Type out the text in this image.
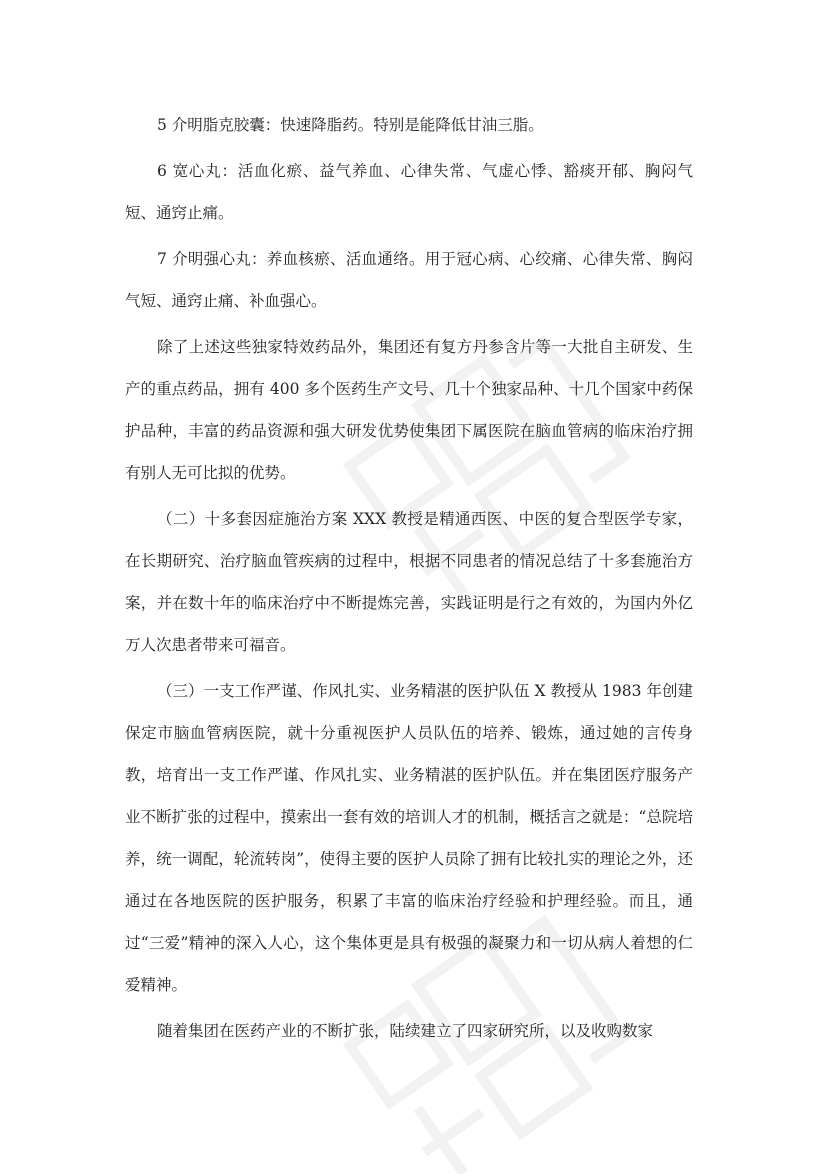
5 介明脂克胶囊：快速降脂药。特别是能降低甘油三脂。

6 宽心丸：活血化瘀、益气养血、心律失常、气虚心悸、豁痰开郁、胸闷气短、通窍止痛。

7 介明强心丸：养血核瘀、活血通络。用于冠心病、心绞痛、心律失常、胸闷气短、通窍止痛、补血强心。

除了上述这些独家特效药品外，集团还有复方丹参含片等一大批自主研发、生产的重点药品，拥有 400 多个医药生产文号、几十个独家品种、十几个国家中药保护品种，丰富的药品资源和强大研发优势使集团下属医院在脑血管病的临床治疗拥有别人无可比拟的优势。

（二）十多套因症施治方案 XXX 教授是精通西医、中医的复合型医学专家，在长期研究、治疗脑血管疾病的过程中，根据不同患者的情况总结了十多套施治方案，并在数十年的临床治疗中不断提炼完善，实践证明是行之有效的，为国内外亿万人次患者带来可福音。

（三）一支工作严谨、作风扎实、业务精湛的医护队伍 X 教授从 1983 年创建保定市脑血管病医院，就十分重视医护人员队伍的培养、锻炼，通过她的言传身教，培育出一支工作严谨、作风扎实、业务精湛的医护队伍。并在集团医疗服务产业不断扩张的过程中，摸索出一套有效的培训人才的机制，概括言之就是：“总院培养，统一调配，轮流转岗”，使得主要的医护人员除了拥有比较扎实的理论之外，还通过在各地医院的医护服务，积累了丰富的临床治疗经验和护理经验。而且，通过“三爱”精神的深入人心，这个集体更是具有极强的凝聚力和一切从病人着想的仁爱精神。

随着集团在医药产业的不断扩张，陆续建立了四家研究所，以及收购数家
